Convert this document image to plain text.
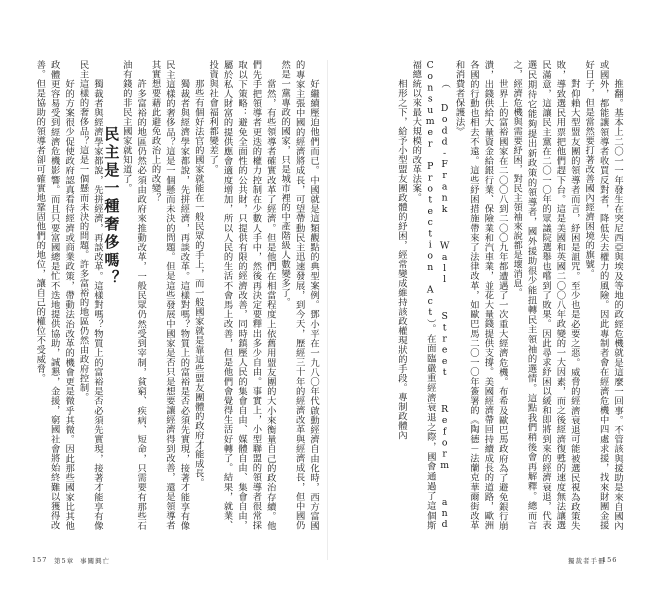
推翻。基本上二〇一一年發生在突尼西亞與埃及等地的政經危機就是這麼一回事。不管該與援助是來自國內或國外，都能讓領導者收買反對者，降低失去權力的風險。因此專制者會在經濟危機中四處求援，找來財團金援好日子，但是當然要打著改善國內經濟困境的旗號。

對仰賴大型盟友團的領導者而言，紓困是詛咒。至少也是必要之惡。威脅的經濟衰退可能被選民視為政策失敗，導致選民用票把他們趕下台。這是美國和英國二〇〇八年政變的一大因素，而之後經濟復甦的速度無法讓選民滿意，這讓民主黨在二〇一〇年的眾議院選舉也嚐到了敗果。因此尋求紓困以緩和即將到來的經濟衰退，代表選民期待它能夠提出新政策的領導者，國外援助很少能扭轉民主領袖的選情。這點我們稍後會再解釋。總而言之，經濟危機與需要紓困，對民主領袖來說都是壞消息。

世界上的富裕國家在二〇〇八到二〇〇九年都遭遇了一次重大經濟危機。布希及歐巴馬政府為了避免銀行崩潰，出錢供給大量資金給銀行業、保險業和汽車業，並花大量錢提供支撐。美國經濟帶回持續成長的道路，歐洲各國的行動也相去不遠。這些紓困措施帶來了法律改革，如歐巴馬二〇一〇年簽署的《陶德－法蘭克華爾街改革和消費者保護法》

（Dodd-Frank Wall Street Reform and Consumer Protection Act）。在面臨嚴重經濟衰退之際，國會通過了這個斯福總統以來最大規模的改革法案。

相形之下，給予小型盟友團政體的紓困，經常變成維持該政權現狀的手段。專制政體內

好繼續壓迫他們而已。中國就是這類觀點的典型案例。鄧小平在一九八〇年代啟動經濟自由化時，西方富國的專家主張中國的經濟將成長，可望帶動民主迅速發展，到今天，歷經三十年的經濟改革與經濟成長，但中國仍然是一黨專政的國家，只是城市裡的中產階級人數變多了。

當然，有些領導者確實改革了經濟。但是他們在相當程度上依舊用盟友團的大小來衡量自己的政治存續。他們先手把領導者更迭的權力控制在少數人手中，然後再決定要釋出多少自由。事實上，小型聯盟的領導者很常採取以下策略：避免全面性的公共財，只提供有限的經濟改善，同時鎮壓人民的集會自由、媒體自由、集會自由，屬於私人財富的提供應會適度增加，所以人民的生活不會馬上改善，但是他們會覺得生活好轉了。結果，就業、投資與社會福利都變差了。

那些有個好法官的國家就能在一般民眾的手上，而一般國家就是靠這些盟友團體的政府才能成長。

獨裁者與經濟學家都說，先拼經濟，再談改革。這樣對嗎？物質上的富裕是否必須先實現，接著才能享有像民主這樣的奢侈品？這是一個懸而未決的問題。但是這些發展中國家是否只是想要讓經濟得到改善，還是領導者其實想要藉此避免政治上的改變？

許多富裕的地區仍然必須由政府來推動改革，一般民眾仍然受到宰制，貧窮、疾病、短命，只需要有那些石油有錢的非民主國家就知道了。

民主是一種奢侈嗎？

獨裁者與經濟學家都說，先拼經濟，再談改革。這樣對嗎？物質上的富裕是否必須先實現，接著才能享有像民主這樣的奢侈品？這是一個懸而未決的問題。許多富裕的地區仍然由政府控制。

好的方案很少促使政府認真看待經濟或商業政策，帶動法治改革的機會更是微乎其微。因此那些國家比其他政體更容易受到經濟危機影響。而且只要富國總是忙不迭地提供協助，誠懇，金援，窮國社會將始終難以獲得改善。但是協助的領導者卻可確實地鞏固他們的地位，讓自己的權位不受威脅。

157 第5章 事關興亡	獨裁者手冊
156
